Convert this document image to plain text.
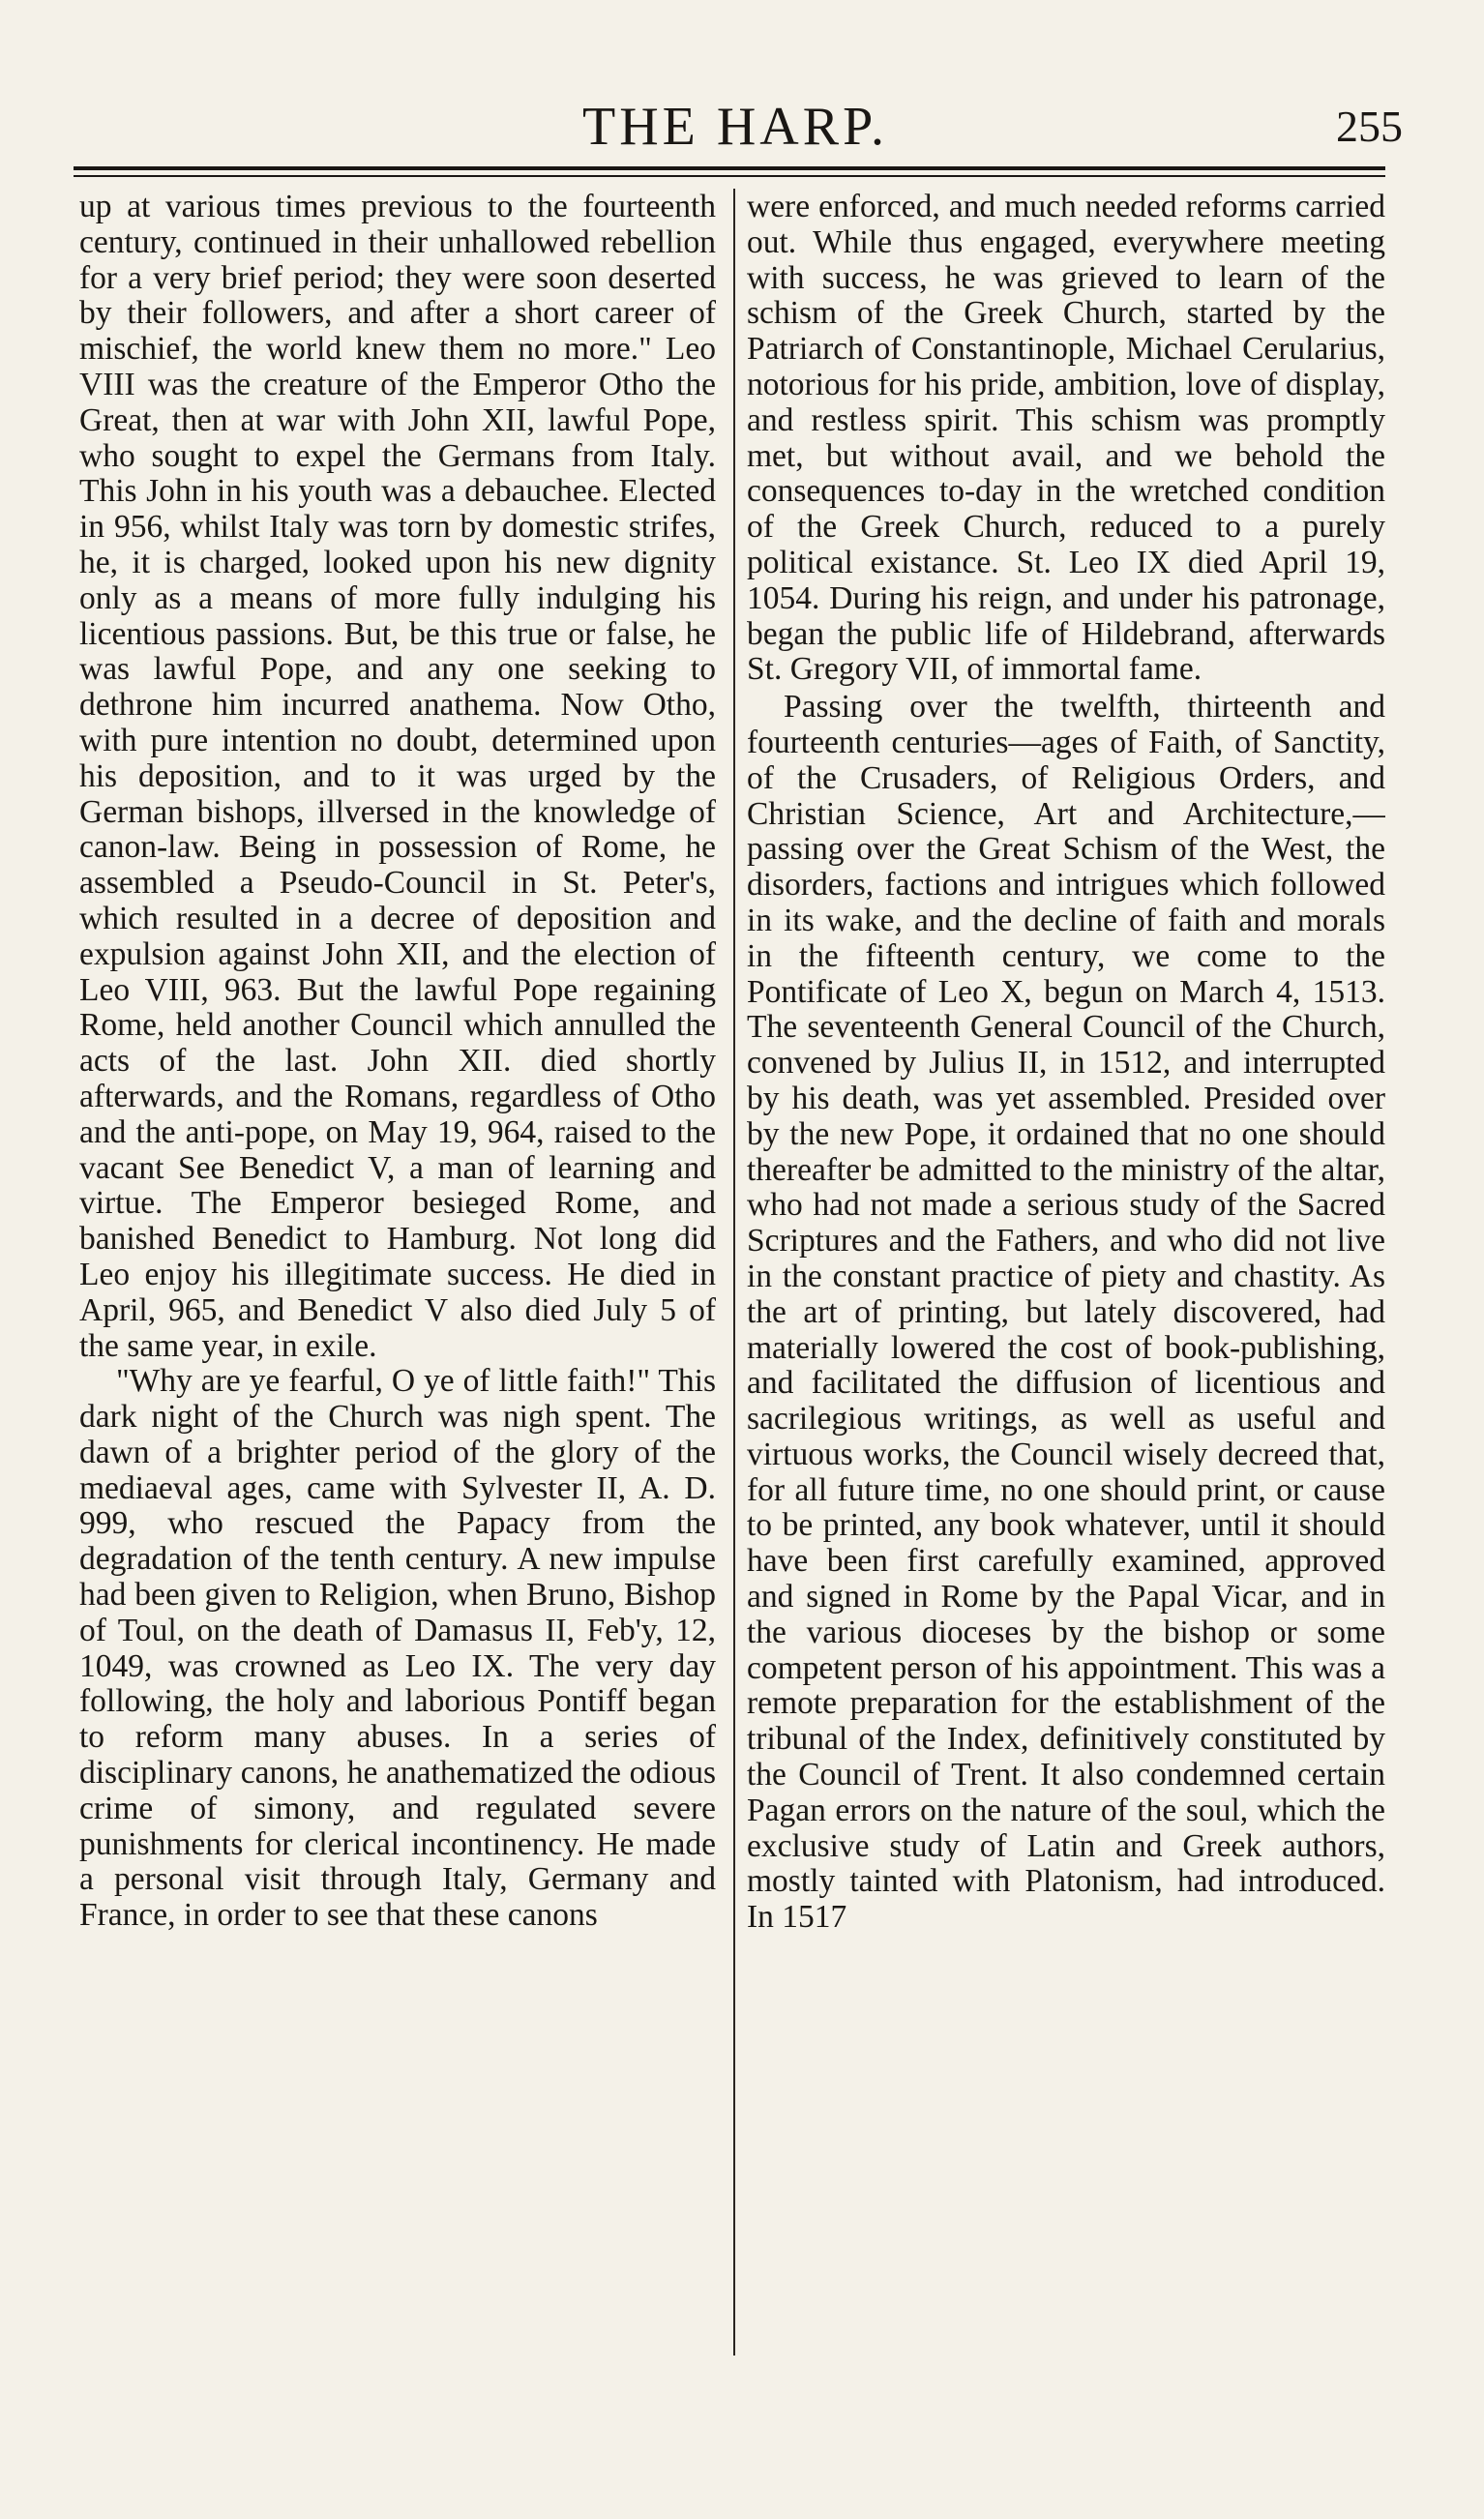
THE HARP.	255

up at various times previous to the fourteenth century, continued in their unhallowed rebellion for a very brief period; they were soon deserted by their followers, and after a short career of mischief, the world knew them no more." Leo VIII was the creature of the Emperor Otho the Great, then at war with John XII, lawful Pope, who sought to expel the Germans from Italy. This John in his youth was a debauchee. Elected in 956, whilst Italy was torn by domestic strifes, he, it is charged, looked upon his new dignity only as a means of more fully indulging his licentious passions. But, be this true or false, he was lawful Pope, and any one seeking to dethrone him incurred anathema. Now Otho, with pure intention no doubt, determined upon his deposition, and to it was urged by the German bishops, illversed in the knowledge of canon-law. Being in possession of Rome, he assembled a Pseudo-Council in St. Peter's, which resulted in a decree of deposition and expulsion against John XII, and the election of Leo VIII, 963. But the lawful Pope regaining Rome, held another Council which annulled the acts of the last. John XII. died shortly afterwards, and the Romans, regardless of Otho and the anti-pope, on May 19, 964, raised to the vacant See Benedict V, a man of learning and virtue. The Emperor besieged Rome, and banished Benedict to Hamburg. Not long did Leo enjoy his illegitimate success. He died in April, 965, and Benedict V also died July 5 of the same year, in exile.

"Why are ye fearful, O ye of little faith!" This dark night of the Church was nigh spent. The dawn of a brighter period of the glory of the mediaeval ages, came with Sylvester II, A. D. 999, who rescued the Papacy from the degradation of the tenth century. A new impulse had been given to Religion, when Bruno, Bishop of Toul, on the death of Damasus II, Feb'y, 12, 1049, was crowned as Leo IX. The very day following, the holy and laborious Pontiff began to reform many abuses. In a series of disciplinary canons, he anathematized the odious crime of simony, and regulated severe punishments for clerical incontinency. He made a personal visit through Italy, Germany and France, in order to see that these canons

were enforced, and much needed reforms carried out. While thus engaged, everywhere meeting with success, he was grieved to learn of the schism of the Greek Church, started by the Patriarch of Constantinople, Michael Cerularius, notorious for his pride, ambition, love of display, and restless spirit. This schism was promptly met, but without avail, and we behold the consequences to-day in the wretched condition of the Greek Church, reduced to a purely political existance. St. Leo IX died April 19, 1054. During his reign, and under his patronage, began the public life of Hildebrand, afterwards St. Gregory VII, of immortal fame.

Passing over the twelfth, thirteenth and fourteenth centuries—ages of Faith, of Sanctity, of the Crusaders, of Religious Orders, and Christian Science, Art and Architecture,—passing over the Great Schism of the West, the disorders, factions and intrigues which followed in its wake, and the decline of faith and morals in the fifteenth century, we come to the Pontificate of Leo X, begun on March 4, 1513. The seventeenth General Council of the Church, convened by Julius II, in 1512, and interrupted by his death, was yet assembled. Presided over by the new Pope, it ordained that no one should thereafter be admitted to the ministry of the altar, who had not made a serious study of the Sacred Scriptures and the Fathers, and who did not live in the constant practice of piety and chastity. As the art of printing, but lately discovered, had materially lowered the cost of book-publishing, and facilitated the diffusion of licentious and sacrilegious writings, as well as useful and virtuous works, the Council wisely decreed that, for all future time, no one should print, or cause to be printed, any book whatever, until it should have been first carefully examined, approved and signed in Rome by the Papal Vicar, and in the various dioceses by the bishop or some competent person of his appointment. This was a remote preparation for the establishment of the tribunal of the Index, definitively constituted by the Council of Trent. It also condemned certain Pagan errors on the nature of the soul, which the exclusive study of Latin and Greek authors, mostly tainted with Platonism, had introduced. In 1517
